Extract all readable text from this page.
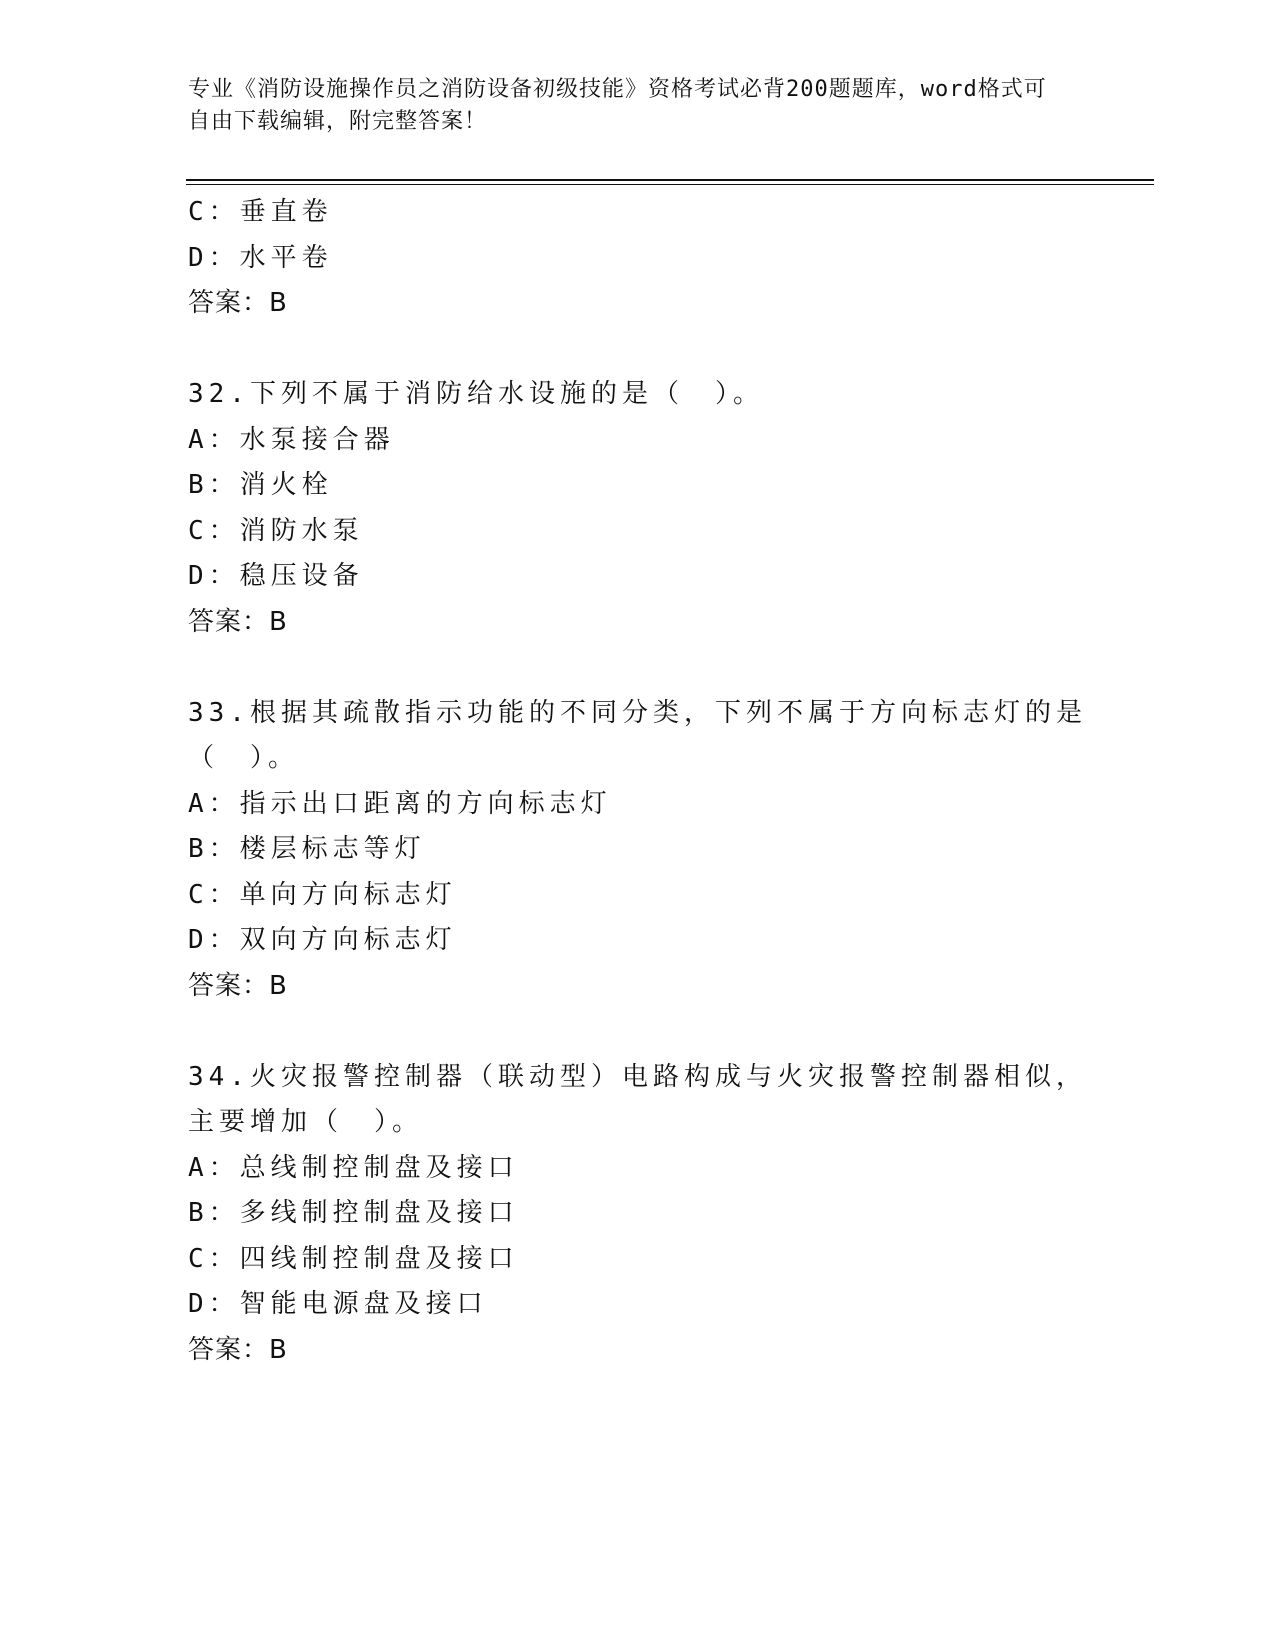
专业《消防设施操作员之消防设备初级技能》资格考试必背200题题库，word格式可自由下载编辑，附完整答案！
C：垂直卷
D：水平卷
答案：B
32.下列不属于消防给水设施的是（　）。
A：水泵接合器
B：消火栓
C：消防水泵
D：稳压设备
答案：B
33.根据其疏散指示功能的不同分类，下列不属于方向标志灯的是（　）。
A：指示出口距离的方向标志灯
B：楼层标志等灯
C：单向方向标志灯
D：双向方向标志灯
答案：B
34.火灾报警控制器（联动型）电路构成与火灾报警控制器相似，主要增加（　）。
A：总线制控制盘及接口
B：多线制控制盘及接口
C：四线制控制盘及接口
D：智能电源盘及接口
答案：B
